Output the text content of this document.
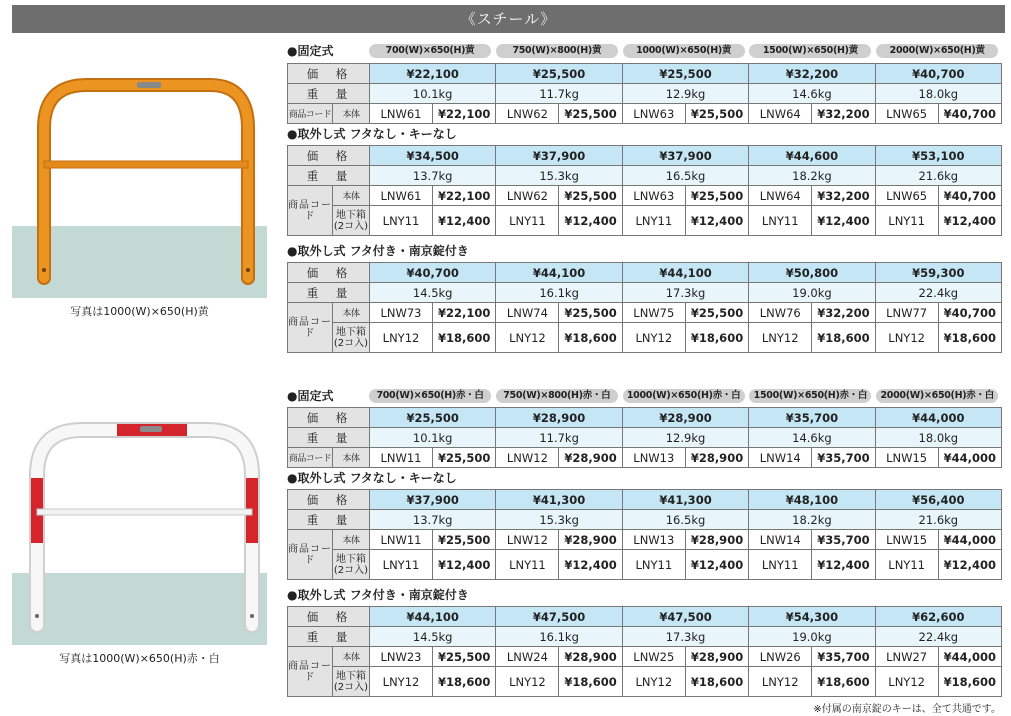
《スチール》
写真は1000(W)×650(H)黄
写真は1000(W)×650(H)赤・白
●固定式	700(W)×650(H)黄	750(W)×800(H)黄	1000(W)×650(H)黄	1500(W)×650(H)黄	2000(W)×650(H)黄
価　格		¥22,100		¥25,500		¥25,500		¥32,200		¥40,700	
重　量		10.1kg		11.7kg		12.9kg		14.6kg		18.0kg	
商品コード	本体	LNW61	¥22,100	LNW62	¥25,500	LNW63	¥25,500	LNW64	¥32,200	LNW65	¥40,700
●取外し式 フタなし・キーなし
価　格		¥34,500		¥37,900		¥37,900		¥44,600		¥53,100	
重　量		13.7kg		15.3kg		16.5kg		18.2kg		21.6kg	
商品コード	本体	LNW61	¥22,100	LNW62	¥25,500	LNW63	¥25,500	LNW64	¥32,200	LNW65	¥40,700
	地下箱(2コ入)	LNY11	¥12,400	LNY11	¥12,400	LNY11	¥12,400	LNY11	¥12,400	LNY11	¥12,400
●取外し式 フタ付き・南京錠付き
価　格		¥40,700		¥44,100		¥44,100		¥50,800		¥59,300	
重　量		14.5kg		16.1kg		17.3kg		19.0kg		22.4kg	
商品コード	本体	LNW73	¥22,100	LNW74	¥25,500	LNW75	¥25,500	LNW76	¥32,200	LNW77	¥40,700
	地下箱(2コ入)	LNY12	¥18,600	LNY12	¥18,600	LNY12	¥18,600	LNY12	¥18,600	LNY12	¥18,600
●固定式	700(W)×650(H)赤・白	750(W)×800(H)赤・白	1000(W)×650(H)赤・白	1500(W)×650(H)赤・白	2000(W)×650(H)赤・白
価　格		¥25,500		¥28,900		¥28,900		¥35,700		¥44,000	
重　量		10.1kg		11.7kg		12.9kg		14.6kg		18.0kg	
商品コード	本体	LNW11	¥25,500	LNW12	¥28,900	LNW13	¥28,900	LNW14	¥35,700	LNW15	¥44,000
●取外し式 フタなし・キーなし
価　格		¥37,900		¥41,300		¥41,300		¥48,100		¥56,400	
重　量		13.7kg		15.3kg		16.5kg		18.2kg		21.6kg	
商品コード	本体	LNW11	¥25,500	LNW12	¥28,900	LNW13	¥28,900	LNW14	¥35,700	LNW15	¥44,000
	地下箱(2コ入)	LNY11	¥12,400	LNY11	¥12,400	LNY11	¥12,400	LNY11	¥12,400	LNY11	¥12,400
●取外し式 フタ付き・南京錠付き
価　格		¥44,100		¥47,500		¥47,500		¥54,300		¥62,600	
重　量		14.5kg		16.1kg		17.3kg		19.0kg		22.4kg	
商品コード	本体	LNW23	¥25,500	LNW24	¥28,900	LNW25	¥28,900	LNW26	¥35,700	LNW27	¥44,000
	地下箱(2コ入)	LNY12	¥18,600	LNY12	¥18,600	LNY12	¥18,600	LNY12	¥18,600	LNY12	¥18,600
※付属の南京錠のキーは、全て共通です。
